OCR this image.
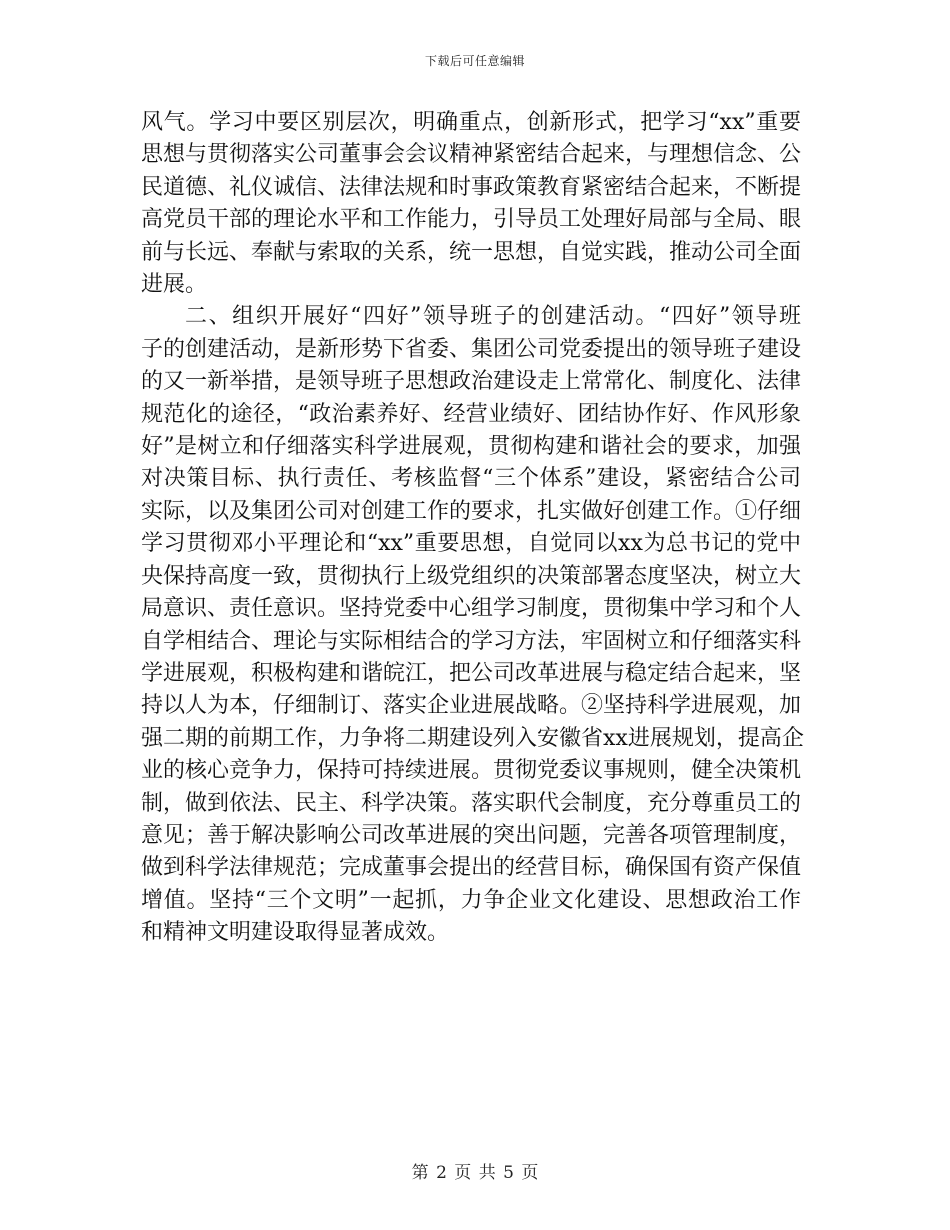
下载后可任意编辑
风气。学习中要区别层次，明确重点，创新形式，把学习“xx”重要
思想与贯彻落实公司董事会会议精神紧密结合起来，与理想信念、公
民道德、礼仪诚信、法律法规和时事政策教育紧密结合起来，不断提
高党员干部的理论水平和工作能力，引导员工处理好局部与全局、眼
前与长远、奉献与索取的关系，统一思想，自觉实践，推动公司全面
进展。
二、组织开展好“四好”领导班子的创建活动。“四好”领导班
子的创建活动，是新形势下省委、集团公司党委提出的领导班子建设
的又一新举措，是领导班子思想政治建设走上常常化、制度化、法律
规范化的途径，“政治素养好、经营业绩好、团结协作好、作风形象
好”是树立和仔细落实科学进展观，贯彻构建和谐社会的要求，加强
对决策目标、执行责任、考核监督“三个体系”建设，紧密结合公司
实际，以及集团公司对创建工作的要求，扎实做好创建工作。①仔细
学习贯彻邓小平理论和“xx”重要思想，自觉同以xx为总书记的党中
央保持高度一致，贯彻执行上级党组织的决策部署态度坚决，树立大
局意识、责任意识。坚持党委中心组学习制度，贯彻集中学习和个人
自学相结合、理论与实际相结合的学习方法，牢固树立和仔细落实科
学进展观，积极构建和谐皖江，把公司改革进展与稳定结合起来，坚
持以人为本，仔细制订、落实企业进展战略。②坚持科学进展观，加
强二期的前期工作，力争将二期建设列入安徽省xx进展规划，提高企
业的核心竞争力，保持可持续进展。贯彻党委议事规则，健全决策机
制，做到依法、民主、科学决策。落实职代会制度，充分尊重员工的
意见；善于解决影响公司改革进展的突出问题，完善各项管理制度，
做到科学法律规范；完成董事会提出的经营目标，确保国有资产保值
增值。坚持“三个文明”一起抓，力争企业文化建设、思想政治工作
和精神文明建设取得显著成效。
第 2 页 共 5 页
